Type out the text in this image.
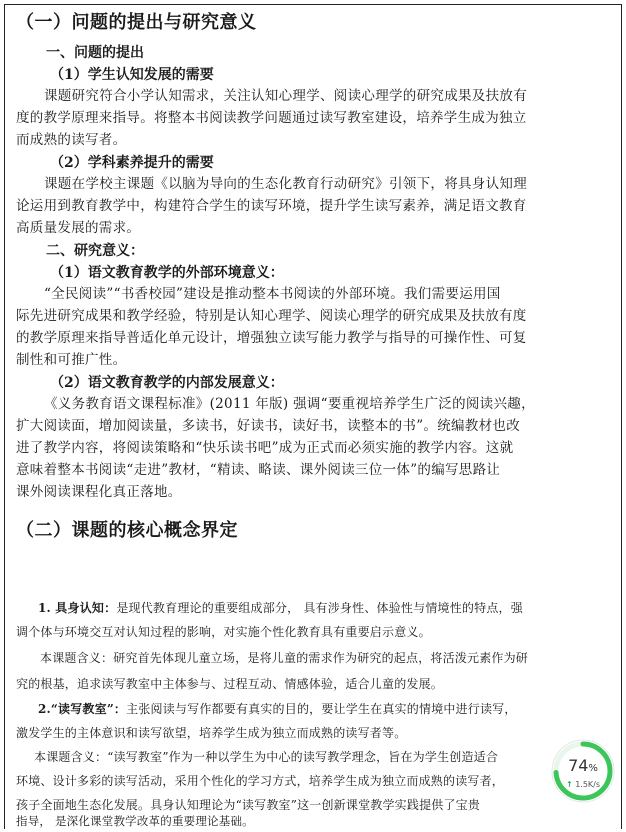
（一）问题的提出与研究意义
一、问题的提出
（1）学生认知发展的需要
课题研究符合小学认知需求，关注认知心理学、阅读心理学的研究成果及扶放有
度的教学原理来指导。将整本书阅读教学问题通过读写教室建设，培养学生成为独立
而成熟的读写者。
（2）学科素养提升的需要
课题在学校主课题《以脑为导向的生态化教育行动研究》引领下，将具身认知理
论运用到教育教学中，构建符合学生的读写环境，提升学生读写素养，满足语文教育
高质量发展的需求。
二、研究意义：
（1）语文教育教学的外部环境意义：
“全民阅读”“书香校园”建设是推动整本书阅读的外部环境。我们需要运用国
际先进研究成果和教学经验，特别是认知心理学、阅读心理学的研究成果及扶放有度
的教学原理来指导普适化单元设计，增强独立读写能力教学与指导的可操作性、可复
制性和可推广性。
（2）语文教育教学的内部发展意义：
《义务教育语文课程标准》(2011 年版) 强调“要重视培养学生广泛的阅读兴趣，
扩大阅读面，增加阅读量，多读书，好读书，读好书，读整本的书”。统编教材也改
进了教学内容，将阅读策略和“快乐读书吧”成为正式而必须实施的教学内容。这就
意味着整本书阅读“走进”教材，“精读、略读、课外阅读三位一体”的编写思路让
课外阅读课程化真正落地。
（二）课题的核心概念界定
1. 具身认知：是现代教育理论的重要组成部分， 具有涉身性、体验性与情境性的特点，强
调个体与环境交互对认知过程的影响，对实施个性化教育具有重要启示意义。
本课题含义：研究首先体现儿童立场，是将儿童的需求作为研究的起点，将活泼元素作为研
究的根基，追求读写教室中主体参与、过程互动、情感体验，适合儿童的发展。
2.“读写教室”：主张阅读与写作都要有真实的目的，要让学生在真实的情境中进行读写，
激发学生的主体意识和读写欲望，培养学生成为独立而成熟的读写者等。
本课题含义：“读写教室”作为一种以学生为中心的读写教学理念，旨在为学生创造适合
环境、设计多彩的读写活动，采用个性化的学习方式，培养学生成为独立而成熟的读写者，
孩子全面地生态化发展。具身认知理论为“读写教室”这一创新课堂教学实践提供了宝贵
指导， 是深化课堂教学改革的重要理论基础。
74%
↑ 1.5K/s
